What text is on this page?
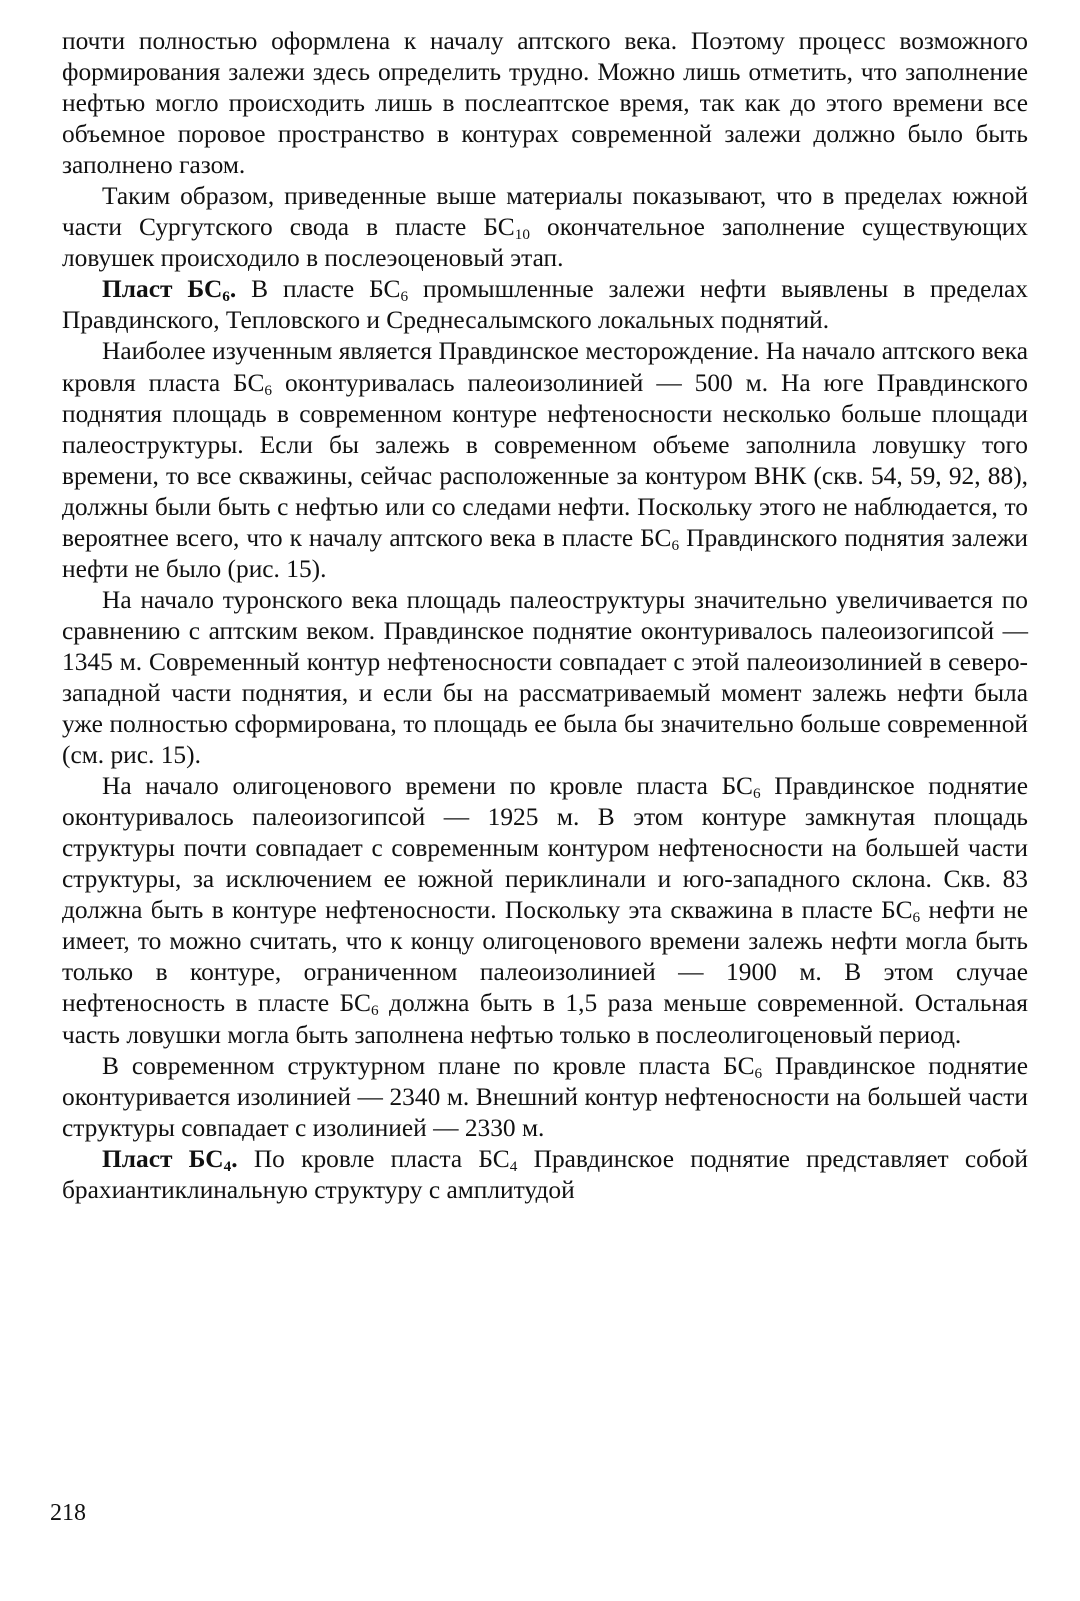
почти полностью оформлена к началу аптского века. Поэтому процесс возможного формирования залежи здесь определить трудно. Можно лишь отметить, что заполнение нефтью могло происходить лишь в послеаптское время, так как до этого времени все объемное поровое пространство в контурах современной залежи должно было быть заполнено газом.

Таким образом, приведенные выше материалы показывают, что в пределах южной части Сургутского свода в пласте $БС_{10}$ окончательное заполнение существующих ловушек происходило в послеэоценовый этап.

Пласт $БС_6$. В пласте $БС_6$ промышленные залежи нефти выявлены в пределах Правдинского, Тепловского и Среднесалымского локальных поднятий.

Наиболее изученным является Правдинское месторождение. На начало аптского века кровля пласта $БС_6$ оконтуривалась палеоизолинией — 500 м. На юге Правдинского поднятия площадь в современном контуре нефтеносности несколько больше площади палеоструктуры. Если бы залежь в современном объеме заполнила ловушку того времени, то все скважины, сейчас расположенные за контуром ВНК (скв. 54, 59, 92, 88), должны были быть с нефтью или со следами нефти. Поскольку этого не наблюдается, то вероятнее всего, что к началу аптского века в пласте $БС_6$ Правдинского поднятия залежи нефти не было (рис. 15).

На начало туронского века площадь палеоструктуры значительно увеличивается по сравнению с аптским веком. Правдинское поднятие оконтуривалось палеоизогипсой — 1345 м. Современный контур нефтеносности совпадает с этой палеоизолинией в северо-западной части поднятия, и если бы на рассматриваемый момент залежь нефти была уже полностью сформирована, то площадь ее была бы значительно больше современной (см. рис. 15).

На начало олигоценового времени по кровле пласта $БС_6$ Правдинское поднятие оконтуривалось палеоизогипсой — 1925 м. В этом контуре замкнутая площадь структуры почти совпадает с современным контуром нефтеносности на большей части структуры, за исключением ее южной периклинали и юго-западного склона. Скв. 83 должна быть в контуре нефтеносности. Поскольку эта скважина в пласте $БС_6$ нефти не имеет, то можно считать, что к концу олигоценового времени залежь нефти могла быть только в контуре, ограниченном палеоизолинией — 1900 м. В этом случае нефтеносность в пласте $БС_6$ должна быть в 1,5 раза меньше современной. Остальная часть ловушки могла быть заполнена нефтью только в послеолигоценовый период.

В современном структурном плане по кровле пласта $БС_6$ Правдинское поднятие оконтуривается изолинией — 2340 м. Внешний контур нефтеносности на большей части структуры совпадает с изолинией — 2330 м.

Пласт $БС_4$. По кровле пласта $БС_4$ Правдинское поднятие представляет собой брахиантиклинальную структуру с амплитудой

218
